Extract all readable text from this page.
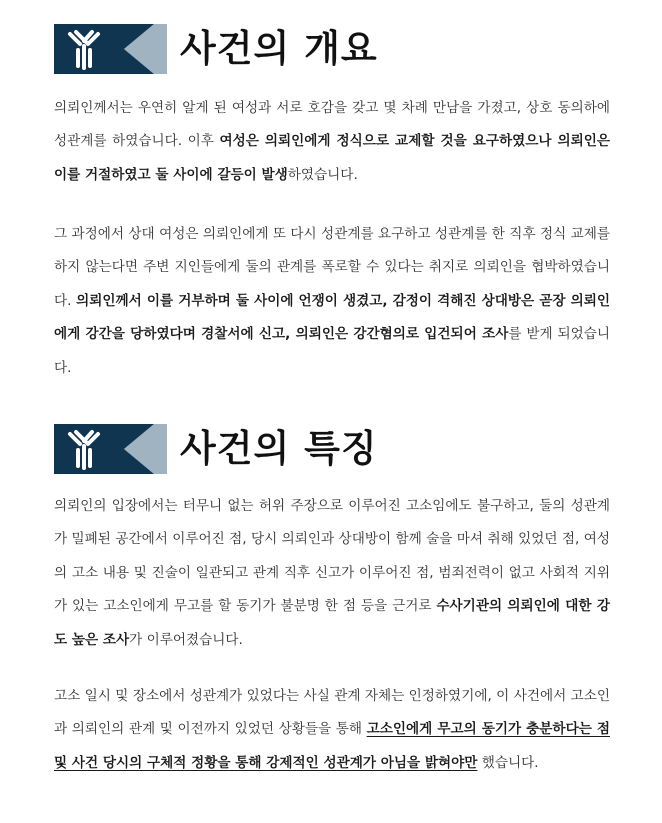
사건의 개요

의뢰인께서는 우연히 알게 된 여성과 서로 호감을 갖고 몇 차례 만남을 가졌고, 상호 동의하에 성관계를 하였습니다. 이후 여성은 의뢰인에게 정식으로 교제할 것을 요구하였으나 의뢰인은 이를 거절하였고 둘 사이에 갈등이 발생하였습니다.

그 과정에서 상대 여성은 의뢰인에게 또 다시 성관계를 요구하고 성관계를 한 직후 정식 교제를 하지 않는다면 주변 지인들에게 둘의 관계를 폭로할 수 있다는 취지로 의뢰인을 협박하였습니다. 의뢰인께서 이를 거부하며 둘 사이에 언쟁이 생겼고, 감정이 격해진 상대방은 곧장 의뢰인에게 강간을 당하였다며 경찰서에 신고, 의뢰인은 강간혐의로 입건되어 조사를 받게 되었습니다.

사건의 특징

의뢰인의 입장에서는 터무니 없는 허위 주장으로 이루어진 고소임에도 불구하고, 둘의 성관계가 밀폐된 공간에서 이루어진 점, 당시 의뢰인과 상대방이 함께 술을 마셔 취해 있었던 점, 여성의 고소 내용 및 진술이 일관되고 관계 직후 신고가 이루어진 점, 범죄전력이 없고 사회적 지위가 있는 고소인에게 무고를 할 동기가 불분명 한 점 등을 근거로 수사기관의 의뢰인에 대한 강도 높은 조사가 이루어졌습니다.

고소 일시 및 장소에서 성관계가 있었다는 사실 관계 자체는 인정하였기에, 이 사건에서 고소인과 의뢰인의 관계 및 이전까지 있었던 상황들을 통해 고소인에게 무고의 동기가 충분하다는 점 및 사건 당시의 구체적 정황을 통해 강제적인 성관계가 아님을 밝혀야만 했습니다.
